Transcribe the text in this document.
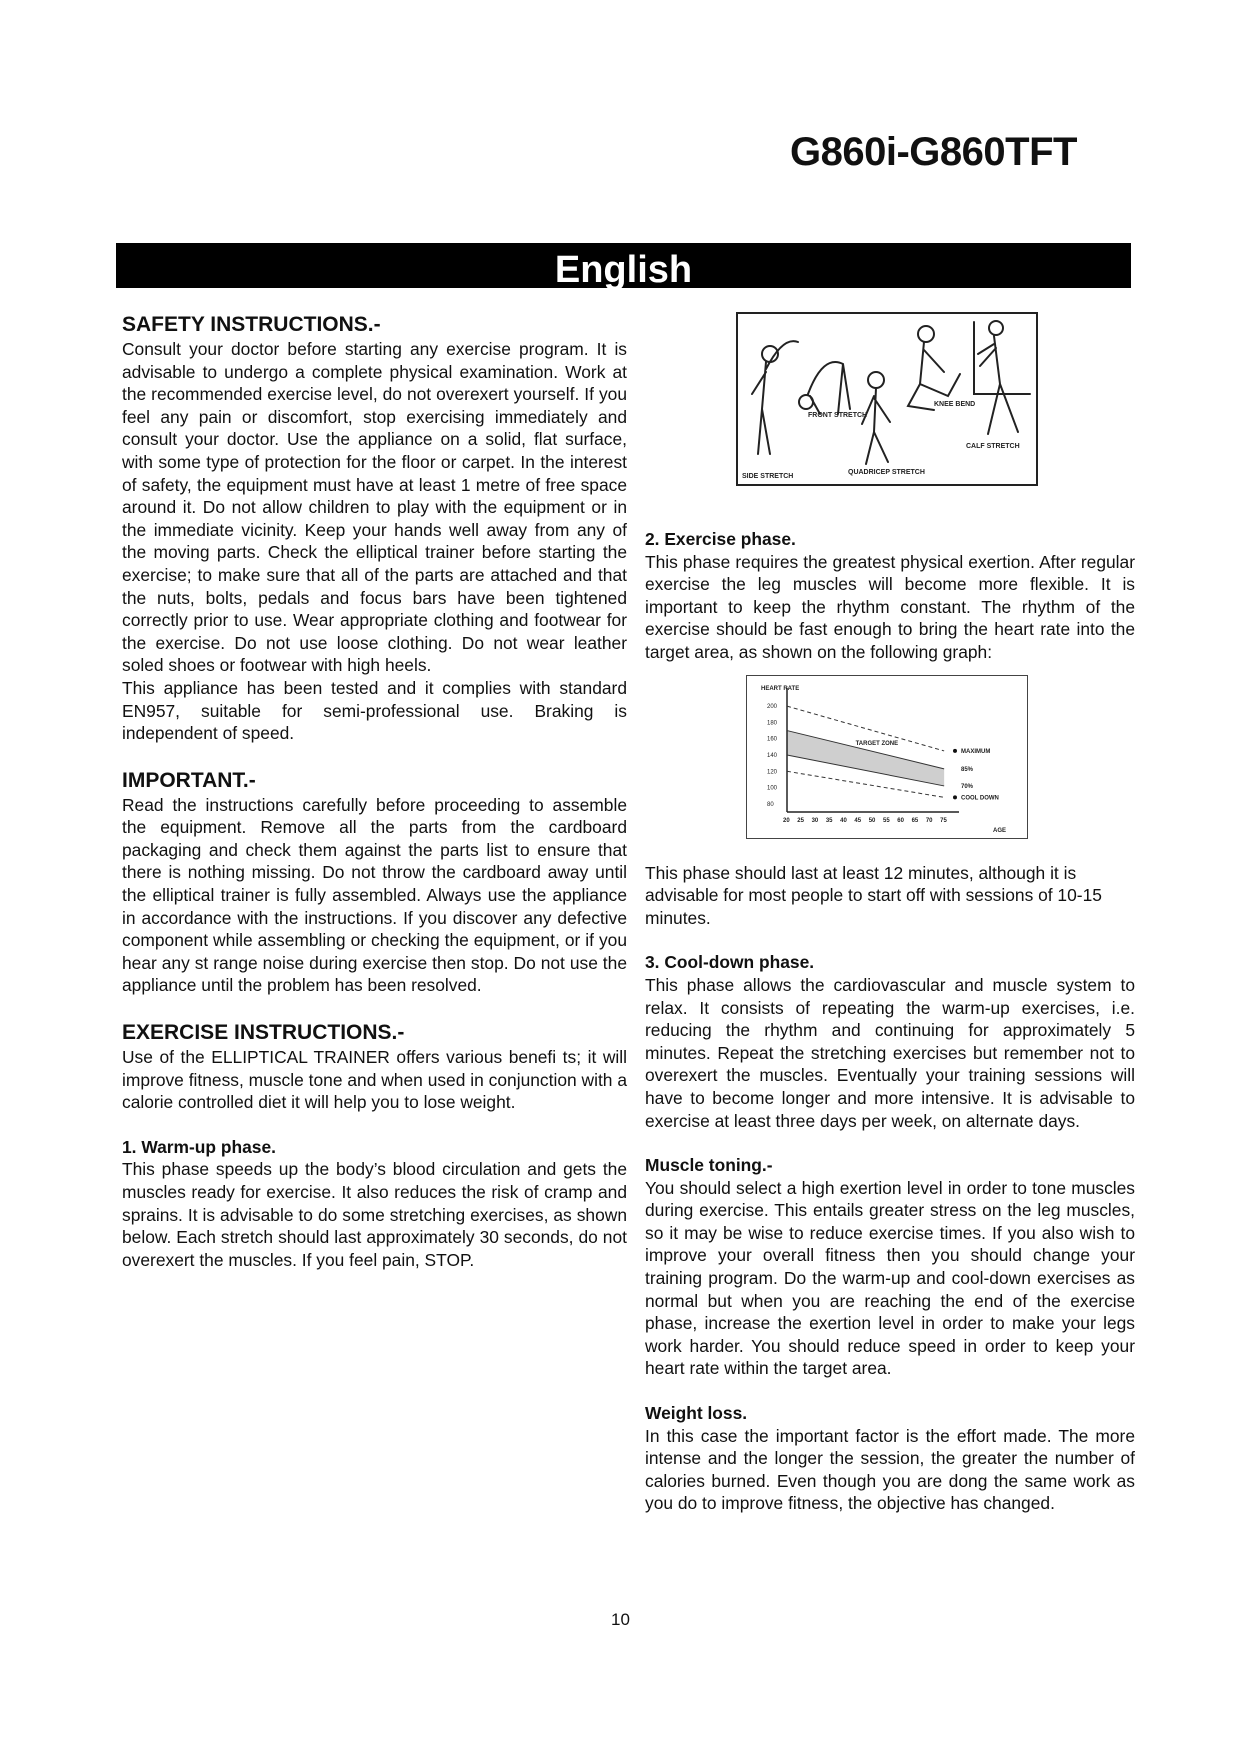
G860i-G860TFT
English
SAFETY INSTRUCTIONS.-

Consult your doctor before starting any exercise program. It is advisable to undergo a complete physical examination. Work at the recommended exercise level, do not overexert yourself. If you feel any pain or discomfort, stop exercising immediately and consult your doctor. Use the appliance on a solid, flat surface, with some type of protection for the floor or carpet. In the interest of safety, the equipment must have at least 1 metre of free space around it. Do not allow children to play with the equipment or in the immediate vicinity. Keep your hands well away from any of the moving parts. Check the elliptical trainer before starting the exercise; to make sure that all of the parts are attached and that the nuts, bolts, pedals and focus bars have been tightened correctly prior to use. Wear appropriate clothing and footwear for the exercise. Do not use loose clothing. Do not wear leather soled shoes or footwear with high heels.

This appliance has been tested and it complies with standard EN957, suitable for semi-professional use. Braking is independent of speed.

IMPORTANT.-

Read the instructions carefully before proceeding to assemble the equipment. Remove all the parts from the cardboard packaging and check them against the parts list to ensure that there is nothing missing. Do not throw the cardboard away until the elliptical trainer is fully assembled. Always use the appliance in accordance with the instructions. If you discover any defective component while assembling or checking the equipment, or if you hear any st range noise during exercise then stop. Do not use the appliance until the problem has been resolved.

EXERCISE INSTRUCTIONS.-

Use of the ELLIPTICAL TRAINER offers various benefi ts; it will improve fitness, muscle tone and when used in conjunction with a calorie controlled diet it will help you to lose weight.

1. Warm-up phase.

This phase speeds up the body’s blood circulation and gets the muscles ready for exercise. It also reduces the risk of cramp and sprains. It is advisable to do some stretching exercises, as shown below. Each stretch should last approximately 30 seconds, do not overexert the muscles. If you feel pain, STOP.

SIDE STRETCH
FRONT STRETCH
QUADRICEP STRETCH
KNEE BEND
CALF STRETCH
2. Exercise phase.

This phase requires the greatest physical exertion. After regular exercise the leg muscles will become more flexible. It is important to keep the rhythm constant. The rhythm of the exercise should be fast enough to bring the heart rate into the target area, as shown on the following graph:

This phase should last at least 12 minutes, although it is advisable for most people to start off with sessions of 10-15 minutes.

3. Cool-down phase.

This phase allows the cardiovascular and muscle system to relax. It consists of repeating the warm-up exercises, i.e. reducing the rhythm and continuing for approximately 5 minutes. Repeat the stretching exercises but remember not to overexert the muscles. Eventually your training sessions will have to become longer and more intensive. It is advisable to exercise at least three days per week, on alternate days.

Muscle toning.-

You should select a high exertion level in order to tone muscles during exercise. This entails greater stress on the leg muscles, so it may be wise to reduce exercise times. If you also wish to improve your overall fitness then you should change your training program. Do the warm-up and cool-down exercises as normal but when you are reaching the end of the exercise phase, increase the exertion level in order to make your legs work harder. You should reduce speed in order to keep your heart rate within the target area.

Weight loss.

In this case the important factor is the effort made. The more intense and the longer the session, the greater the number of calories burned. Even though you are dong the same work as you do to improve fitness, the objective has changed.

HEART RATE
AGE
TARGET ZONE
200
180
160
140
120
100
80
20 25 30 35 40 45 50 55 60 65 70 75
MAXIMUM
85%
70%
COOL DOWN
10
